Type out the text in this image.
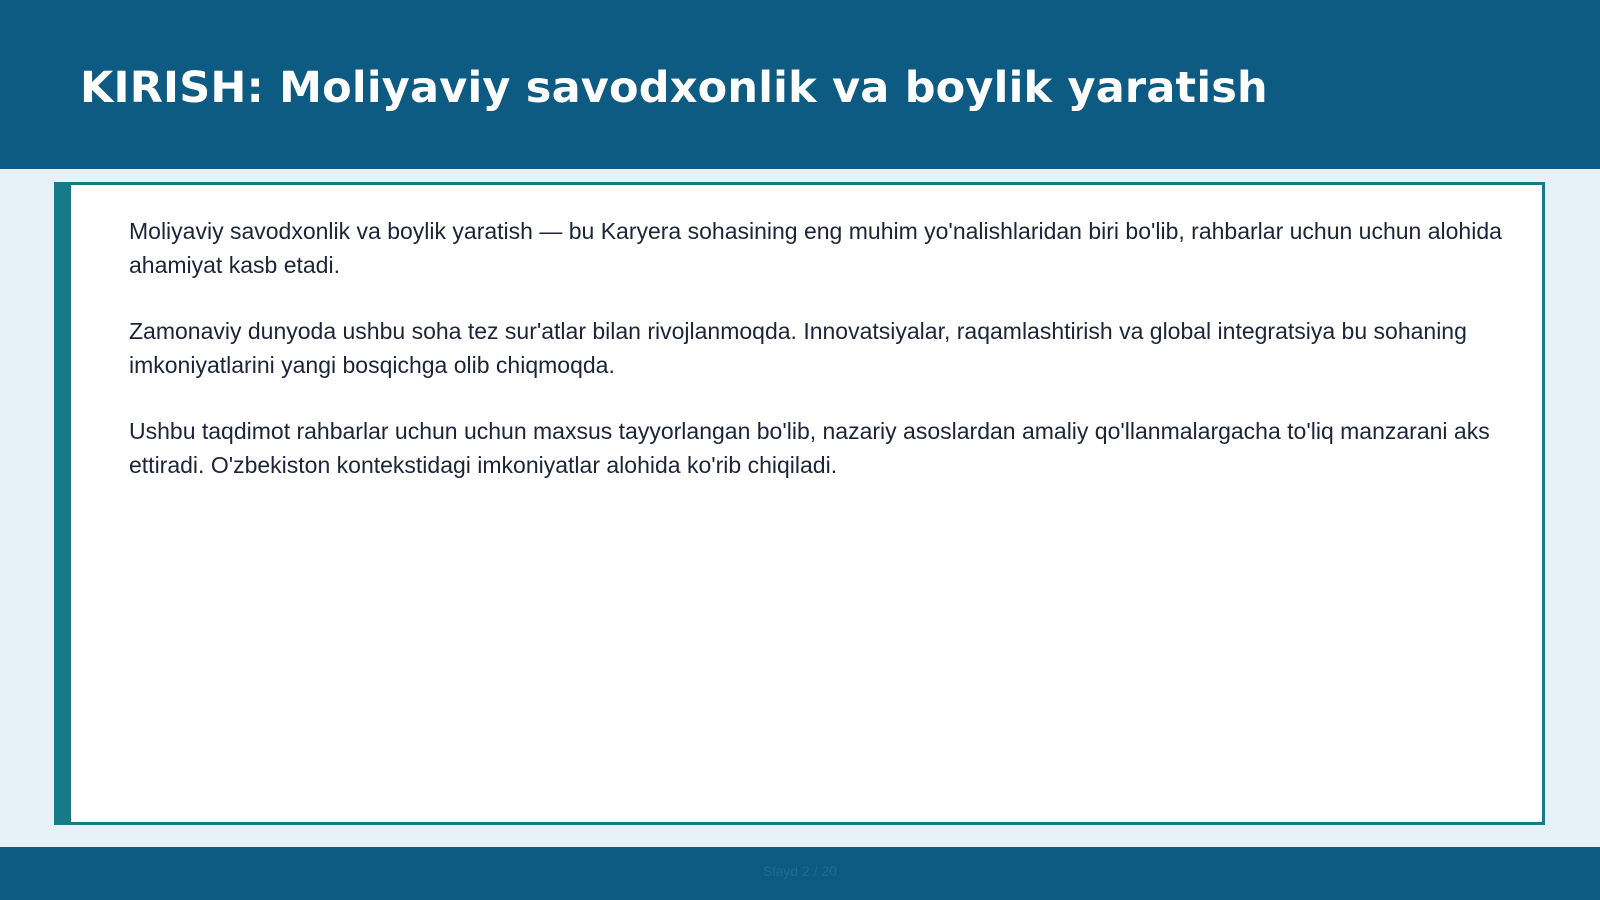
KIRISH: Moliyaviy savodxonlik va boylik yaratish

Moliyaviy savodxonlik va boylik yaratish — bu Karyera sohasining eng muhim yo'nalishlaridan biri bo'lib, rahbarlar uchun uchun alohida ahamiyat kasb etadi.

Zamonaviy dunyoda ushbu soha tez sur'atlar bilan rivojlanmoqda. Innovatsiyalar, raqamlashtirish va global integratsiya bu sohaning imkoniyatlarini yangi bosqichga olib chiqmoqda.

Ushbu taqdimot rahbarlar uchun uchun maxsus tayyorlangan bo'lib, nazariy asoslardan amaliy qo'llanmalargacha to'liq manzarani aks ettiradi. O'zbekiston kontekstidagi imkoniyatlar alohida ko'rib chiqiladi.

Slayd 2 / 20
